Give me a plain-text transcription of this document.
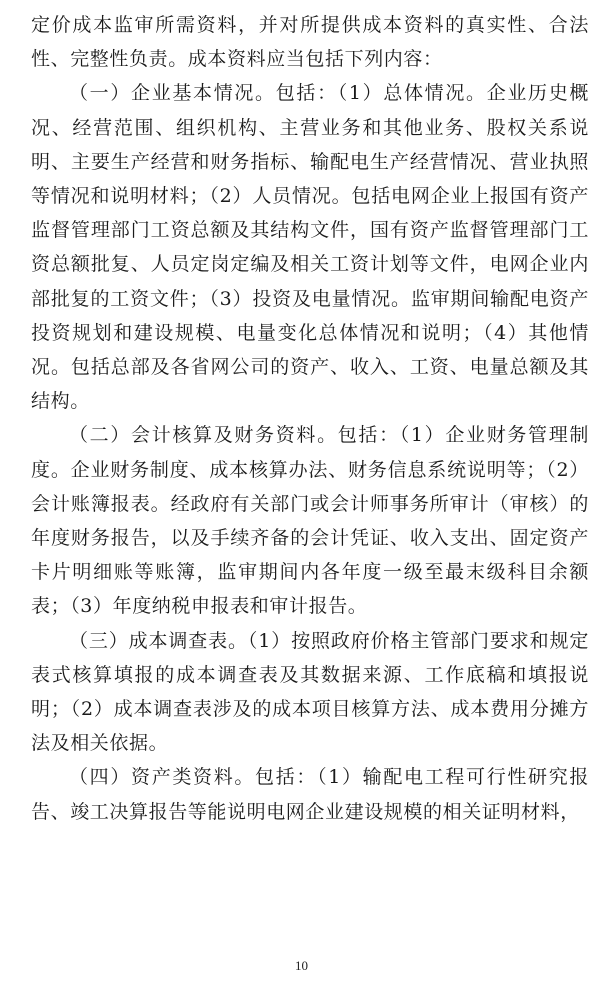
定价成本监审所需资料，并对所提供成本资料的真实性、合法性、完整性负责。成本资料应当包括下列内容：

（一）企业基本情况。包括：（1）总体情况。企业历史概况、经营范围、组织机构、主营业务和其他业务、股权关系说明、主要生产经营和财务指标、输配电生产经营情况、营业执照等情况和说明材料；（2）人员情况。包括电网企业上报国有资产监督管理部门工资总额及其结构文件，国有资产监督管理部门工资总额批复、人员定岗定编及相关工资计划等文件，电网企业内部批复的工资文件；（3）投资及电量情况。监审期间输配电资产投资规划和建设规模、电量变化总体情况和说明；（4）其他情况。包括总部及各省网公司的资产、收入、工资、电量总额及其结构。

（二）会计核算及财务资料。包括：（1）企业财务管理制度。企业财务制度、成本核算办法、财务信息系统说明等；（2）会计账簿报表。经政府有关部门或会计师事务所审计（审核）的年度财务报告，以及手续齐备的会计凭证、收入支出、固定资产卡片明细账等账簿，监审期间内各年度一级至最末级科目余额表；（3）年度纳税申报表和审计报告。

（三）成本调查表。（1）按照政府价格主管部门要求和规定表式核算填报的成本调查表及其数据来源、工作底稿和填报说明；（2）成本调查表涉及的成本项目核算方法、成本费用分摊方法及相关依据。

（四）资产类资料。包括：（1）输配电工程可行性研究报告、竣工决算报告等能说明电网企业建设规模的相关证明材料，

10
